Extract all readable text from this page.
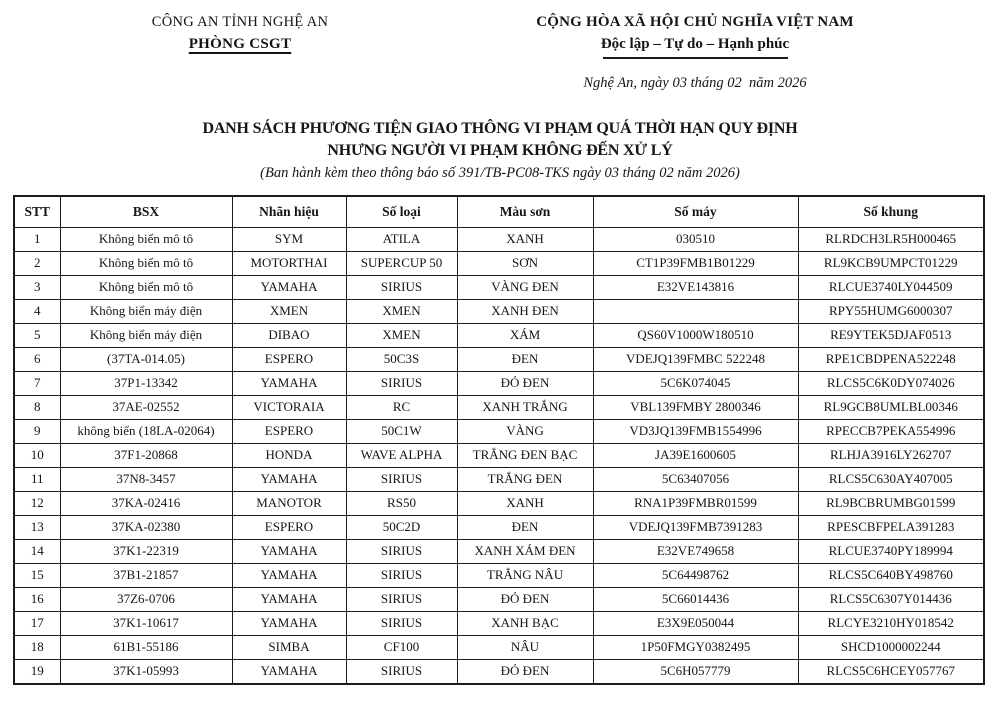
CÔNG AN TỈNH NGHỆ AN
PHÒNG CSGT
CỘNG HÒA XÃ HỘI CHỦ NGHĨA VIỆT NAM
Độc lập – Tự do – Hạnh phúc
Nghệ An, ngày 03 tháng 02  năm 2026
DANH SÁCH PHƯƠNG TIỆN GIAO THÔNG VI PHẠM QUÁ THỜI HẠN QUY ĐỊNH
NHƯNG NGƯỜI VI PHẠM KHÔNG ĐẾN XỬ LÝ
(Ban hành kèm theo thông báo số 391/TB-PC08-TKS ngày 03 tháng 02 năm 2026)
STT	BSX	Nhãn hiệu	Số loại	Màu sơn	Số máy	Số khung
1	Không biển mô tô	SYM	ATILA	XANH	030510	RLRDCH3LR5H000465
2	Không biển mô tô	MOTORTHAI	SUPERCUP 50	SƠN	CT1P39FMB1B01229	RL9KCB9UMPCT01229
3	Không biển mô tô	YAMAHA	SIRIUS	VÀNG ĐEN	E32VE143816	RLCUE3740LY044509
4	Không biển máy điện	XMEN	XMEN	XANH ĐEN		RPY55HUMG6000307
5	Không biển máy điện	DIBAO	XMEN	XÁM	QS60V1000W180510	RE9YTEK5DJAF0513
6	(37TA-014.05)	ESPERO	50C3S	ĐEN	VDEJQ139FMBC 522248	RPE1CBDPENA522248
7	37P1-13342	YAMAHA	SIRIUS	ĐỎ ĐEN	5C6K074045	RLCS5C6K0DY074026
8	37AE-02552	VICTORAIA	RC	XANH TRẮNG	VBL139FMBY 2800346	RL9GCB8UMLBL00346
9	không biển (18LA-02064)	ESPERO	50C1W	VÀNG	VD3JQ139FMB1554996	RPECCB7PEKA554996
10	37F1-20868	HONDA	WAVE ALPHA	TRẮNG ĐEN BẠC	JA39E1600605	RLHJA3916LY262707
11	37N8-3457	YAMAHA	SIRIUS	TRẮNG ĐEN	5C63407056	RLCS5C630AY407005
12	37KA-02416	MANOTOR	RS50	XANH	RNA1P39FMBR01599	RL9BCBRUMBG01599
13	37KA-02380	ESPERO	50C2D	ĐEN	VDEJQ139FMB7391283	RPESCBFPELA391283
14	37K1-22319	YAMAHA	SIRIUS	XANH XÁM ĐEN	E32VE749658	RLCUE3740PY189994
15	37B1-21857	YAMAHA	SIRIUS	TRẮNG NÂU	5C64498762	RLCS5C640BY498760
16	37Z6-0706	YAMAHA	SIRIUS	ĐỎ ĐEN	5C66014436	RLCS5C6307Y014436
17	37K1-10617	YAMAHA	SIRIUS	XANH BẠC	E3X9E050044	RLCYE3210HY018542
18	61B1-55186	SIMBA	CF100	NÂU	1P50FMGY0382495	SHCD1000002244
19	37K1-05993	YAMAHA	SIRIUS	ĐỎ ĐEN	5C6H057779	RLCS5C6HCEY057767
